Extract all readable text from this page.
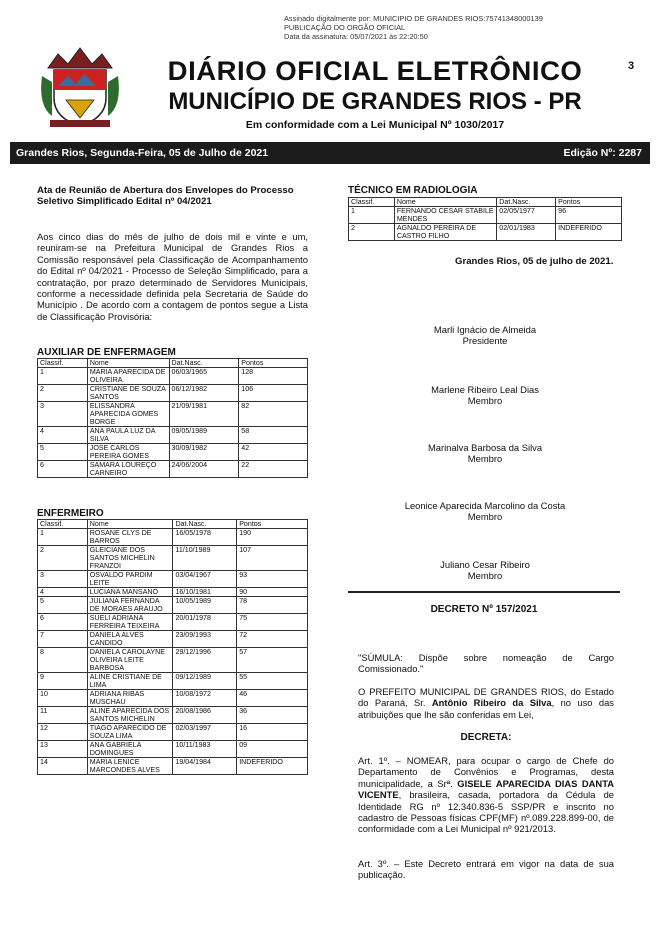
Assinado digitalmente por: MUNICIPIO DE GRANDES RIOS:75741348000139
PUBLICAÇÃO DO ORGÃO OFICIAL
Data da assinatura: 05/07/2021 às 22:20:50
3
DIÁRIO OFICIAL ELETRÔNICO
MUNICÍPIO DE GRANDES RIOS - PR
Em conformidade com a Lei Municipal Nº 1030/2017
Grandes Rios, Segunda-Feira, 05 de Julho de 2021	Edição Nº: 2287
Ata de Reunião de Abertura dos Envelopes do Processo Seletivo Simplificado Edital nº 04/2021
Aos cinco dias do mês de julho de dois mil e vinte e um, reuniram-se na Prefeitura Municipal de Grandes Rios a Comissão responsável pela Classificação de Acompanhamento do Edital nº 04/2021 - Processo de Seleção Simplificado, para a contratação, por prazo determinado de Servidores Municipais, conforme a necessidade definida pela Secretaria de Saúde do Município . De acordo com a contagem de pontos segue a Lista de Classificação Provisória:
AUXILIAR DE ENFERMAGEM
Classif.	Nome	Dat.Nasc.	Pontos
1	MARIA APARECIDA DE OLIVEIRA	06/03/1965	128
2	CRISTIANE DE SOUZA SANTOS	06/12/1982	106
3	ELISSANDRA APARECIDA GOMES BORGE	21/09/1981	82
4	ANA PAULA LUZ DA SILVA	09/05/1989	58
5	JOSE CARLOS PEREIRA GOMES	30/09/1982	42
6	SAMARA LOUREÇO CARNEIRO	24/06/2004	22
ENFERMEIRO
Classif.	Nome	Dat.Nasc.	Pontos
1	ROSANE CLYS DE BARROS	16/05/1978	190
2	GLEICIANE DOS SANTOS MICHELIN FRANZOI	11/10/1989	107
3	OSVALDO PARDIM LEITE	03/04/1967	93
4	LUCIANA MANSANO	16/10/1981	90
5	JULIANA FERNANDA DE MORAES ARAUJO	10/05/1989	78
6	SUELI ADRIANA FERREIRA TEIXEIRA	20/01/1978	75
7	DANIELA ALVES CANDIDO	23/09/1993	72
8	DANIELA CAROLAYNE OLIVEIRA LEITE BARBOSA	29/12/1996	57
9	ALINE CRISTIANE DE LIMA	09/12/1989	55
10	ADRIANA RIBAS MUSCHAU	10/08/1972	46
11	ALINE APARECIDA DOS SANTOS MICHELIN	20/08/1986	36
12	TIAGO APARECIDO DE SOUZA LIMA	02/03/1997	16
13	ANA GABRIELA DOMINGUES	10/11/1983	09
14	MARIA LENICE MARCONDES ALVES	19/04/1984	INDEFERIDO
TÉCNICO EM RADIOLOGIA
Classif.	Nome	Dat.Nasc.	Pontos
1	FERNANDO CESAR STABILE MENDES	02/05/1977	96
2	AGNALDO PEREIRA DE CASTRO FILHO	02/01/1983	INDEFERIDO
Grandes Rios, 05 de julho de 2021.
Marli Ignácio de Almeida
Presidente
Marlene Ribeiro Leal Dias
Membro
Marinalva Barbosa da Silva
Membro
Leonice Aparecida Marcolino da Costa
Membro
Juliano Cesar Ribeiro
Membro
DECRETO Nº 157/2021
"SÚMULA: Dispõe sobre nomeação de Cargo Comissionado."
O PREFEITO MUNICIPAL DE GRANDES RIOS, do Estado do Paraná, Sr. Antônio Ribeiro da Silva, no uso das atribuições que lhe são conferidas em Lei,
DECRETA:
Art. 1º. – NOMEAR, para ocupar o cargo de Chefe do Departamento de Convênios e Programas, desta municipalidade, a Srª. GISELE APARECIDA DIAS DANTA VICENTE, brasileira, casada, portadora da Cédula de Identidade RG nº 12.340.836-5 SSP/PR e inscrito no cadastro de Pessoas físicas CPF(MF) nº.089.228.899-00, de conformidade com a Lei Municipal nº 921/2013.
Art. 3º. – Este Decreto entrará em vigor na data de sua publicação.
